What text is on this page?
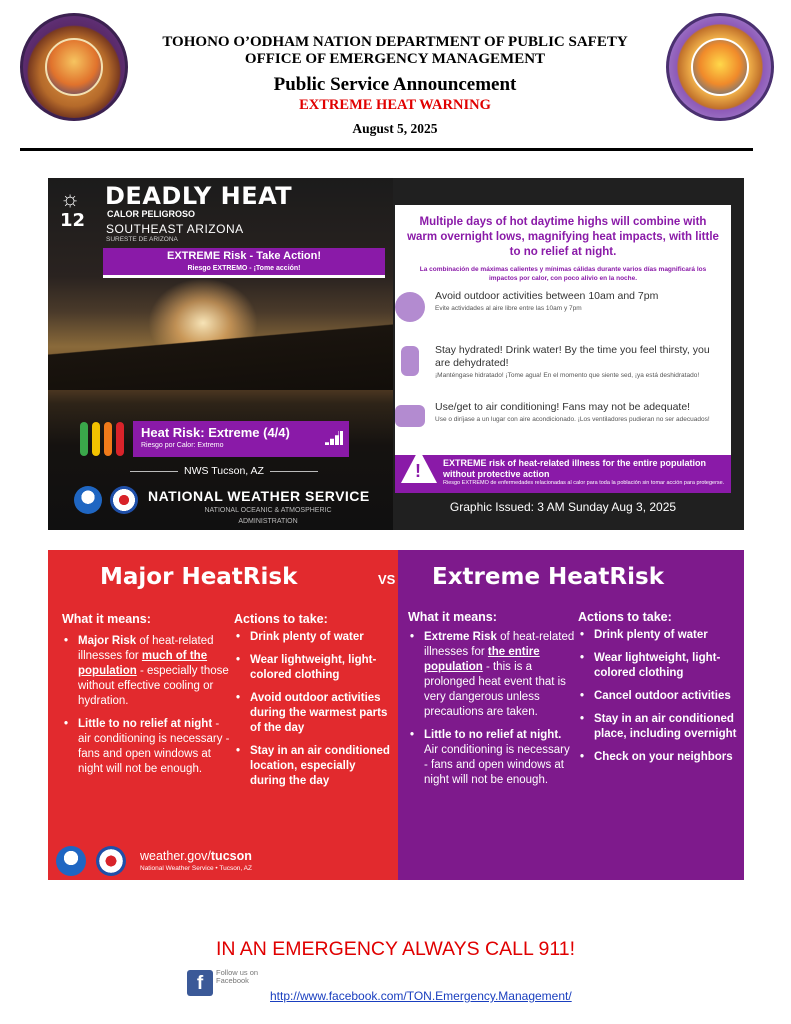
TOHONO O’ODHAM NATION DEPARTMENT OF PUBLIC SAFETY
OFFICE OF EMERGENCY MANAGEMENT
Public Service Announcement
EXTREME HEAT WARNING
August 5, 2025
☼
12
DEADLY HEAT
CALOR PELIGROSO
SOUTHEAST ARIZONA
SURESTE DE ARIZONA
EXTREME Risk - Take Action!
Riesgo EXTREMO - ¡Tome acción!
Heat Risk: Extreme (4/4)
Riesgo por Calor: Extremo
NWS Tucson, AZ

NATIONAL WEATHER SERVICE
NATIONAL OCEANIC & ATMOSPHERIC ADMINISTRATION
Multiple days of hot daytime highs will combine with warm overnight lows, magnifying heat impacts, with little to no relief at night.
La combinación de máximas calientes y mínimas cálidas durante varios días magnificará los impactos por calor, con poco alivio en la noche.
Avoid outdoor activities between 10am and 7pm
Evite actividades al aire libre entre las 10am y 7pm
Stay hydrated! Drink water! By the time you feel thirsty, you are dehydrated!
¡Manténgase hidratado! ¡Tome agua! En el momento que siente sed, ¡ya está deshidratado!
Use/get to air conditioning! Fans may not be adequate!
Use o diríjase a un lugar con aire acondicionado. ¡Los ventiladores pudieran no ser adecuados!
! EXTREME risk of heat-related illness for the entire population without protective action
Riesgo EXTREMO de enfermedades relacionadas al calor para toda la población sin tomar acción para protegerse.
Graphic Issued: 3 AM Sunday Aug 3, 2025
Major HeatRisk
What it means:	Actions to take:
• Major Risk of heat-related illnesses for much of the population - especially those without effective cooling or hydration.
• Little to no relief at night - air conditioning is necessary - fans and open windows at night will not be enough.
• Drink plenty of water
• Wear lightweight, light-colored clothing
• Avoid outdoor activities during the warmest parts of the day
• Stay in an air conditioned location, especially during the day

weather.gov/tucson
National Weather Service • Tucson, AZ
Extreme HeatRisk
What it means:	Actions to take:
• Extreme Risk of heat-related illnesses for the entire population - this is a prolonged heat event that is very dangerous unless precautions are taken.
• Little to no relief at night. Air conditioning is necessary - fans and open windows at night will not be enough.
• Drink plenty of water
• Wear lightweight, light-colored clothing
• Cancel outdoor activities
• Stay in an air conditioned place, including overnight
• Check on your neighbors
VS
IN AN EMERGENCY ALWAYS CALL 911!
f
Follow us on Facebook
http://www.facebook.com/TON.Emergency.Management/
